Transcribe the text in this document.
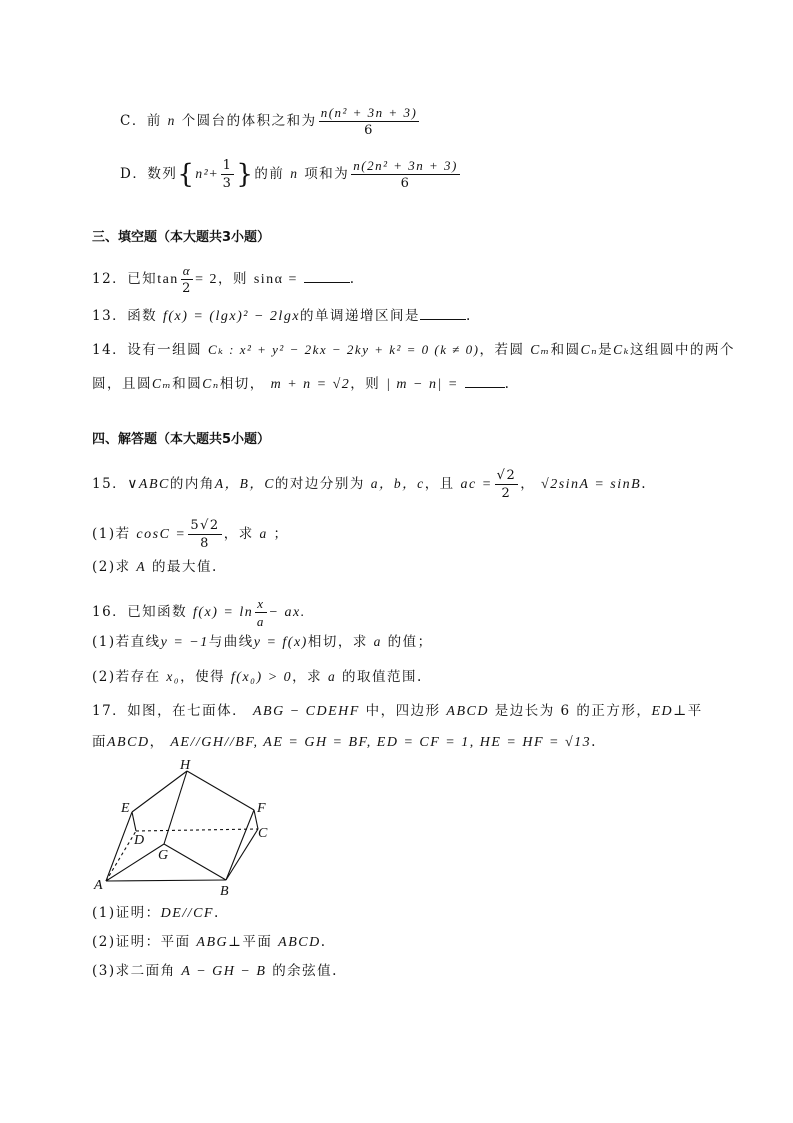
C．前 n 个圆台的体积之和为 $\frac{\text{n(n² + 3n + 3)}}{6}$
D．数列{$n^2+ \frac{1}{3}$ }的前 n 项和为 $\frac{\text{n(2n² + 3n + 3)}}{6}$
三、填空题（本大题共3小题）
12．已知$\tan \frac{\alpha}{2} = 2$，则 sinα =	.
13．函数 f(x) = (lgx)² − 2lgx的单调递增区间是	.
14．设有一组圆 Cₖ : x² + y² − 2kx − 2ky + k² = 0 (k ≠ 0)，若圆 Cₘ和圆Cₙ是Cₖ这组圆中的两个
圆，且圆Cₘ和圆Cₙ相切， m + n = √2，则 | m − n| =	.
四、解答题（本大题共5小题）
15．∨ABC的内角A，B，C的对边分别为 a，b，c，且 ac = $\frac{√2}{2}$ ， √2sinA = sinB.
(1)若 $\cos C = \frac{5√2}{8}$ ，求 a ；
(2)求 A 的最大值.
16．已知函数 $f(x) = \ln \frac{x}{a}$ − ax.
(1)若直线y = −1与曲线y = f(x)相切，求 a 的值；
(2)若存在 x₀，使得 f(x₀) > 0，求 a 的取值范围.
17．如图，在七面体． ABG − CDEHF 中，四边形 ABCD 是边长为 6 的正方形，ED⊥平
面ABCD， AE//GH//BF, AE = GH = BF, ED = CF = 1, HE = HF = √13.
H
E	F
D	C
G
A	B
(1)证明：DE//CF.
(2)证明：平面 ABG⊥平面 ABCD.
(3)求二面角 A − GH − B 的余弦值.
